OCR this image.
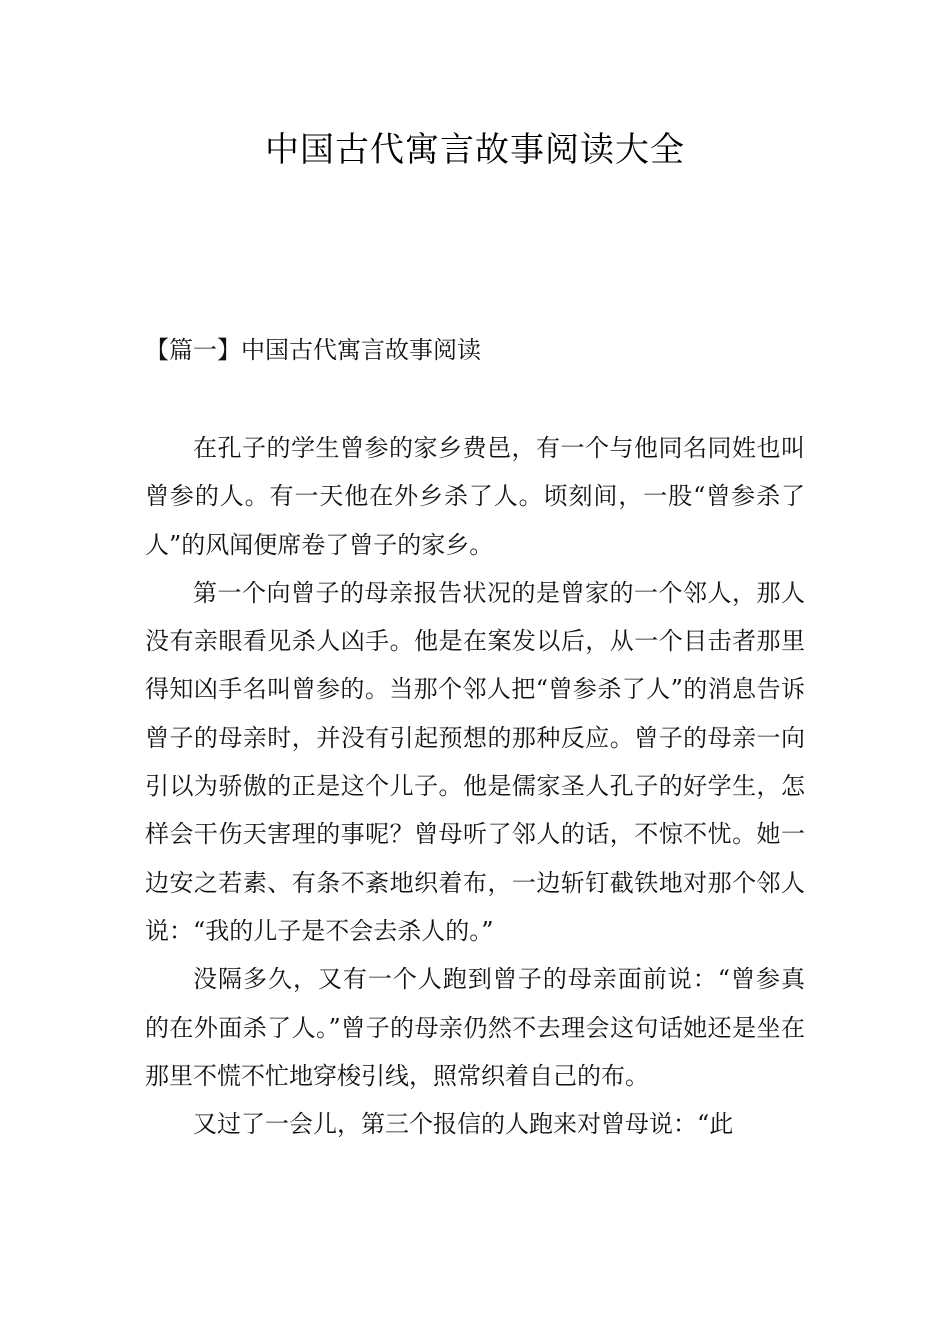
中国古代寓言故事阅读大全
【篇一】中国古代寓言故事阅读

在孔子的学生曾参的家乡费邑，有一个与他同名同姓也叫曾参的人。有一天他在外乡杀了人。顷刻间，一股“曾参杀了人”的风闻便席卷了曾子的家乡。

第一个向曾子的母亲报告状况的是曾家的一个邻人，那人没有亲眼看见杀人凶手。他是在案发以后，从一个目击者那里得知凶手名叫曾参的。当那个邻人把“曾参杀了人”的消息告诉曾子的母亲时，并没有引起预想的那种反应。曾子的母亲一向引以为骄傲的正是这个儿子。他是儒家圣人孔子的好学生，怎样会干伤天害理的事呢？曾母听了邻人的话，不惊不忧。她一边安之若素、有条不紊地织着布，一边斩钉截铁地对那个邻人说：“我的儿子是不会去杀人的。”

没隔多久，又有一个人跑到曾子的母亲面前说：“曾参真的在外面杀了人。”曾子的母亲仍然不去理会这句话她还是坐在那里不慌不忙地穿梭引线，照常织着自己的布。

又过了一会儿，第三个报信的人跑来对曾母说：“此
